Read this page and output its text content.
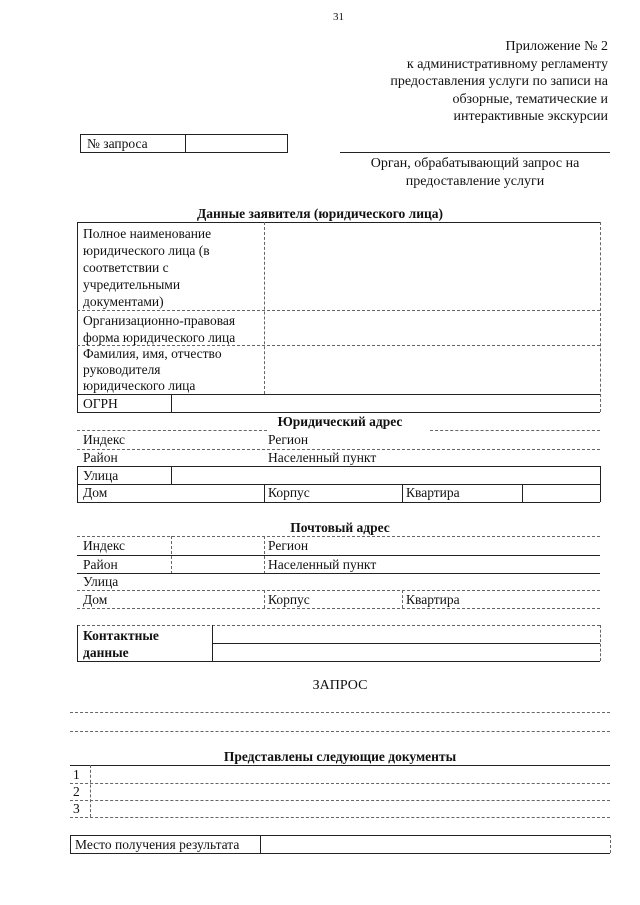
31
Приложение № 2
к административному регламенту
предоставления услуги по записи на
обзорные, тематические и
интерактивные экскурсии
№ запроса
Орган, обрабатывающий запрос на
предоставление услуги
Данные заявителя (юридического лица)
Полное наименование
юридического лица (в
соответствии с
учредительными
документами)
Организационно-правовая
форма юридического лица
Фамилия, имя, отчество
руководителя
юридического лица
ОГРН
Юридический адрес
Индекс	Регион
Район	Населенный пункт
Улица
Дом	Корпус	Квартира
Почтовый адрес
Индекс	Регион
Район	Населенный пункт
Улица
Дом	Корпус	Квартира
Контактные
данные
ЗАПРОС
Представлены следующие документы
1
2
3
Место получения результата
